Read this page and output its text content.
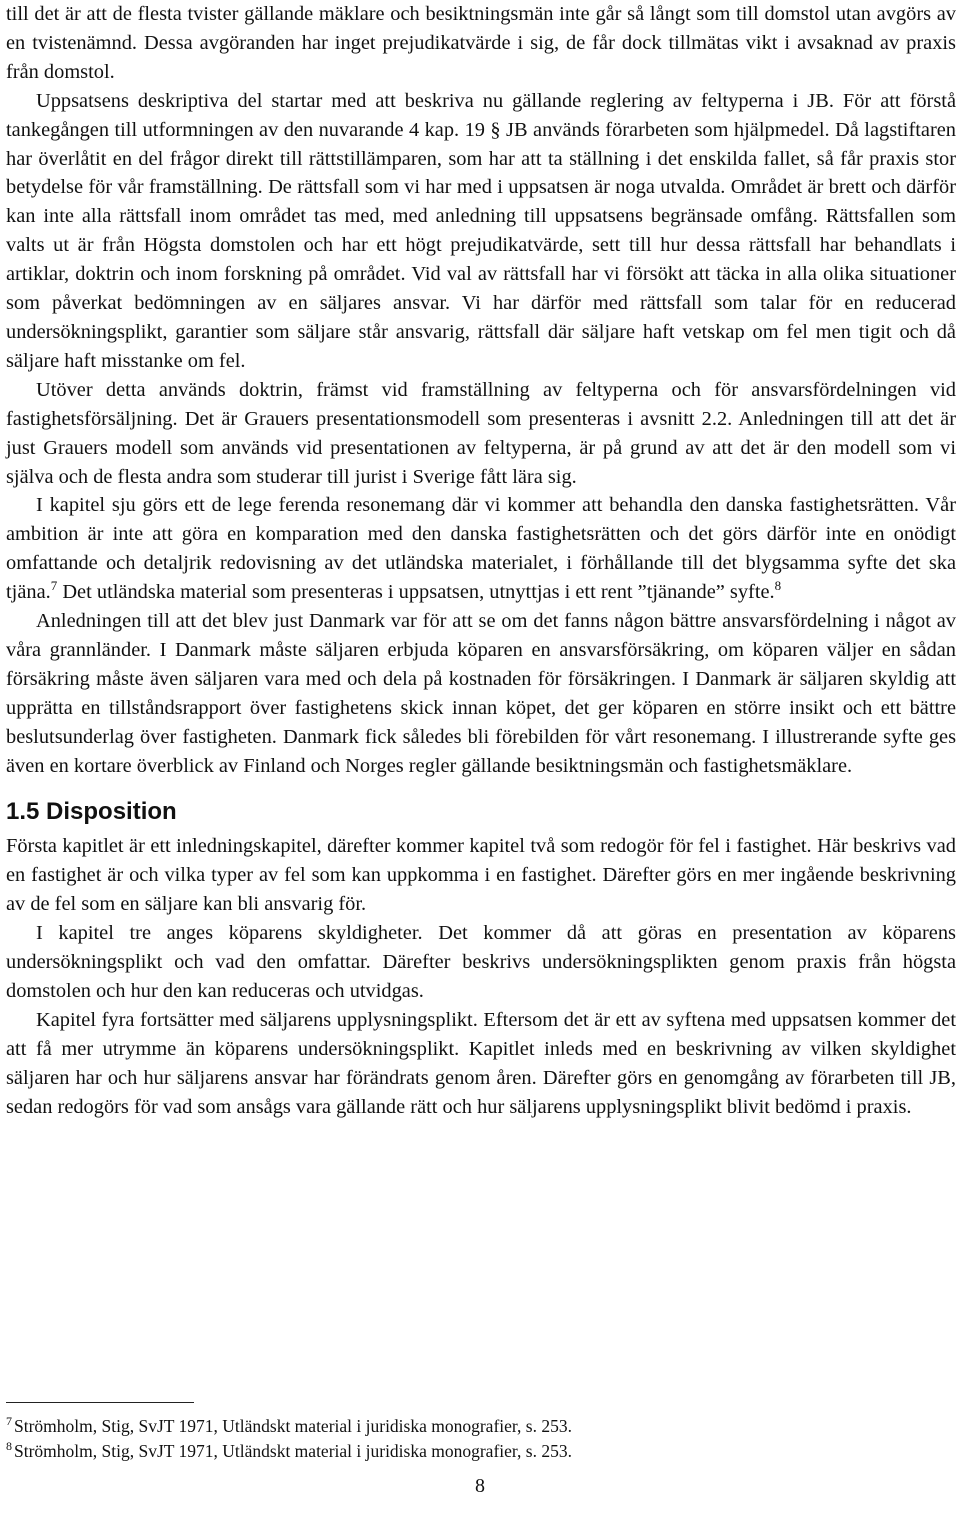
till det är att de flesta tvister gällande mäklare och besiktningsmän inte går så långt som till domstol utan avgörs av en tvistenämnd. Dessa avgöranden har inget prejudikatvärde i sig, de får dock tillmätas vikt i avsaknad av praxis från domstol.

Uppsatsens deskriptiva del startar med att beskriva nu gällande reglering av feltyperna i JB. För att förstå tankegången till utformningen av den nuvarande 4 kap. 19 § JB används förarbeten som hjälpmedel. Då lagstiftaren har överlåtit en del frågor direkt till rättstillämparen, som har att ta ställning i det enskilda fallet, så får praxis stor betydelse för vår framställning. De rättsfall som vi har med i uppsatsen är noga utvalda. Området är brett och därför kan inte alla rättsfall inom området tas med, med anledning till uppsatsens begränsade omfång. Rättsfallen som valts ut är från Högsta domstolen och har ett högt prejudikatvärde, sett till hur dessa rättsfall har behandlats i artiklar, doktrin och inom forskning på området. Vid val av rättsfall har vi försökt att täcka in alla olika situationer som påverkat bedömningen av en säljares ansvar. Vi har därför med rättsfall som talar för en reducerad undersökningsplikt, garantier som säljare står ansvarig, rättsfall där säljare haft vetskap om fel men tigit och då säljare haft misstanke om fel.

Utöver detta används doktrin, främst vid framställning av feltyperna och för ansvarsfördelningen vid fastighetsförsäljning. Det är Grauers presentationsmodell som presenteras i avsnitt 2.2. Anledningen till att det är just Grauers modell som används vid presentationen av feltyperna, är på grund av att det är den modell som vi själva och de flesta andra som studerar till jurist i Sverige fått lära sig.

I kapitel sju görs ett de lege ferenda resonemang där vi kommer att behandla den danska fastighetsrätten. Vår ambition är inte att göra en komparation med den danska fastighetsrätten och det görs därför inte en onödigt omfattande och detaljrik redovisning av det utländska materialet, i förhållande till det blygsamma syfte det ska tjäna.$^7$ Det utländska material som presenteras i uppsatsen, utnyttjas i ett rent ”tjänande” syfte.$^8$

Anledningen till att det blev just Danmark var för att se om det fanns någon bättre ansvarsfördelning i något av våra grannländer. I Danmark måste säljaren erbjuda köparen en ansvarsförsäkring, om köparen väljer en sådan försäkring måste även säljaren vara med och dela på kostnaden för försäkringen. I Danmark är säljaren skyldig att upprätta en tillståndsrapport över fastighetens skick innan köpet, det ger köparen en större insikt och ett bättre beslutsunderlag över fastigheten. Danmark fick således bli förebilden för vårt resonemang. I illustrerande syfte ges även en kortare överblick av Finland och Norges regler gällande besiktningsmän och fastighetsmäklare.

1.5 Disposition

Första kapitlet är ett inledningskapitel, därefter kommer kapitel två som redogör för fel i fastighet. Här beskrivs vad en fastighet är och vilka typer av fel som kan uppkomma i en fastighet. Därefter görs en mer ingående beskrivning av de fel som en säljare kan bli ansvarig för.

I kapitel tre anges köparens skyldigheter. Det kommer då att göras en presentation av köparens undersökningsplikt och vad den omfattar. Därefter beskrivs undersökningsplikten genom praxis från högsta domstolen och hur den kan reduceras och utvidgas.

Kapitel fyra fortsätter med säljarens upplysningsplikt. Eftersom det är ett av syftena med uppsatsen kommer det att få mer utrymme än köparens undersökningsplikt. Kapitlet inleds med en beskrivning av vilken skyldighet säljaren har och hur säljarens ansvar har förändrats genom åren. Därefter görs en genomgång av förarbeten till JB, sedan redogörs för vad som ansågs vara gällande rätt och hur säljarens upplysningsplikt blivit bedömd i praxis.

$^7$ Strömholm, Stig, SvJT 1971, Utländskt material i juridiska monografier, s. 253.

$^8$ Strömholm, Stig, SvJT 1971, Utländskt material i juridiska monografier, s. 253.

8
